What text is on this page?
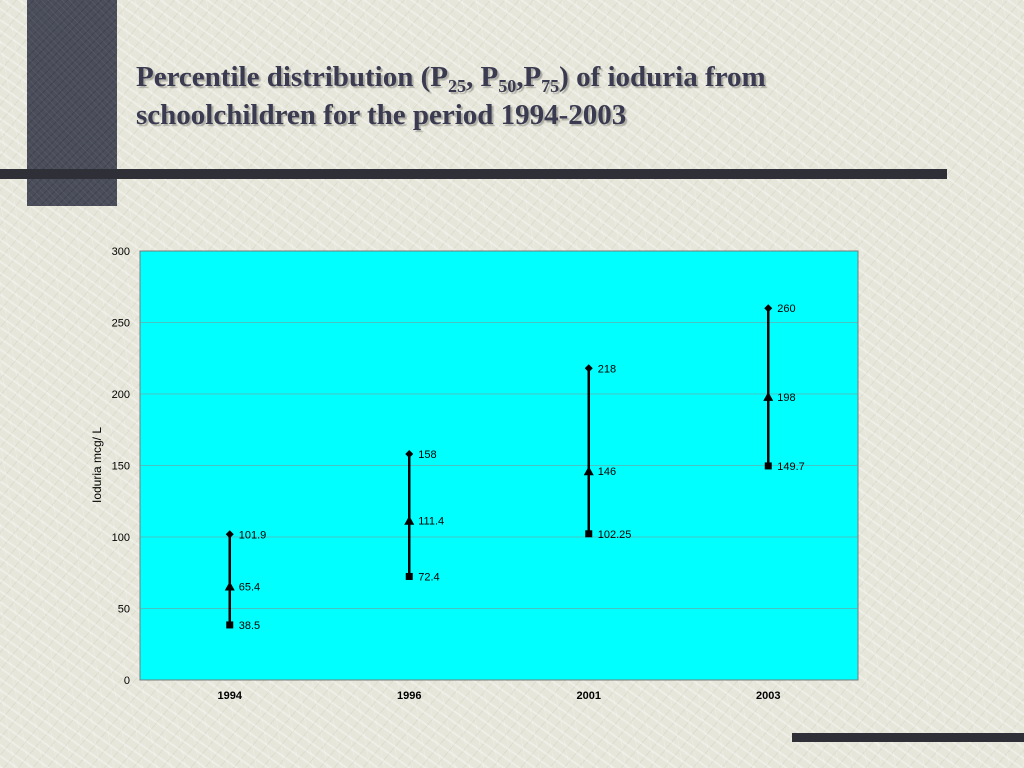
Percentile distribution ($P_{25}$, $P_{50},P_{75}$) of ioduria from schoolchildren for the period 1994-2003
0
50
100
150
200
250
300
1994	1996	2001	2003
101.9
65.4
38.5
158
111.4
72.4
218
146
102.25
260
198
149.7
Ioduria mcg/ L
